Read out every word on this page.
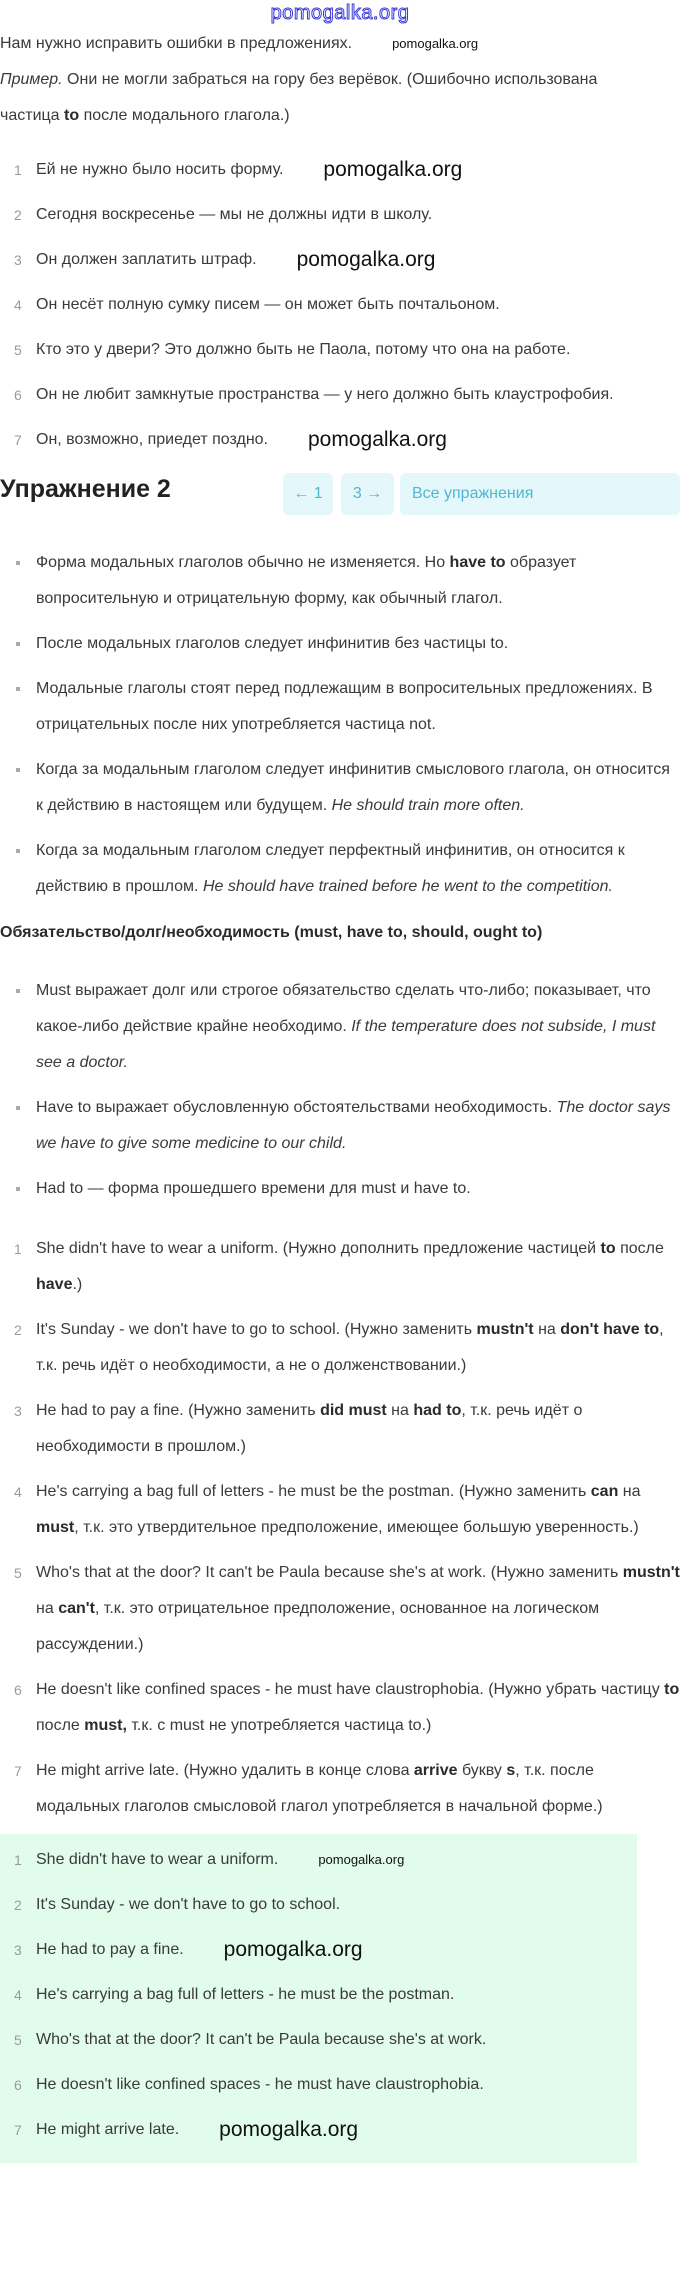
pomogalka.org

Нам нужно исправить ошибки в предложениях.

Пример. Они не могли забраться на гору без верёвок. (Ошибочно использована частица to после модального глагола.)

1 Ей не нужно было носить форму.
2 Сегодня воскресенье — мы не должны идти в школу.
3 Он должен заплатить штраф.
4 Он несёт полную сумку писем — он может быть почтальоном.
5 Кто это у двери? Это должно быть не Паола, потому что она на работе.
6 Он не любит замкнутые пространства — у него должно быть клаустрофобия.
7 Он, возможно, приедет поздно.
Упражнение 2	← 1	3 →	Все упражнения
Форма модальных глаголов обычно не изменяется. Но have to образует вопросительную и отрицательную форму, как обычный глагол.
После модальных глаголов следует инфинитив без частицы to.
Модальные глаголы стоят перед подлежащим в вопросительных предложениях. В отрицательных после них употребляется частица not.
Когда за модальным глаголом следует инфинитив смыслового глагола, он относится к действию в настоящем или будущем. He should train more often.
Когда за модальным глаголом следует перфектный инфинитив, он относится к действию в прошлом. He should have trained before he went to the competition.
Обязательство/долг/необходимость (must, have to, should, ought to)
Must выражает долг или строгое обязательство сделать что-либо; показывает, что какое-либо действие крайне необходимо. If the temperature does not subside, I must see a doctor.
Have to выражает обусловленную обстоятельствами необходимость. The doctor says we have to give some medicine to our child.
Had to — форма прошедшего времени для must и have to.
1 She didn't have to wear a uniform. (Нужно дополнить предложение частицей to после have.)
2 It's Sunday - we don't have to go to school. (Нужно заменить mustn't на don't have to, т.к. речь идёт о необходимости, а не о долженствовании.)
3 He had to pay a fine. (Нужно заменить did must на had to, т.к. речь идёт о необходимости в прошлом.)
4 He's carrying a bag full of letters - he must be the postman. (Нужно заменить can на must, т.к. это утвердительное предположение, имеющее большую уверенность.)
5 Who's that at the door? It can't be Paula because she's at work. (Нужно заменить mustn't на can't, т.к. это отрицательное предположение, основанное на логическом рассуждении.)
6 He doesn't like confined spaces - he must have claustrophobia. (Нужно убрать частицу to после must, т.к. с must не употребляется частица to.)
7 He might arrive late. (Нужно удалить в конце слова arrive букву s, т.к. после модальных глаголов смысловой глагол употребляется в начальной форме.)
1 She didn't have to wear a uniform.
2 It's Sunday - we don't have to go to school.
3 He had to pay a fine.
4 He's carrying a bag full of letters - he must be the postman.
5 Who's that at the door? It can't be Paula because she's at work.
6 He doesn't like confined spaces - he must have claustrophobia.
7 He might arrive late.
pomogalka.org
pomogalka.org
pomogalka.org
pomogalka.org
pomogalka.org
pomogalka.org
pomogalka.org
